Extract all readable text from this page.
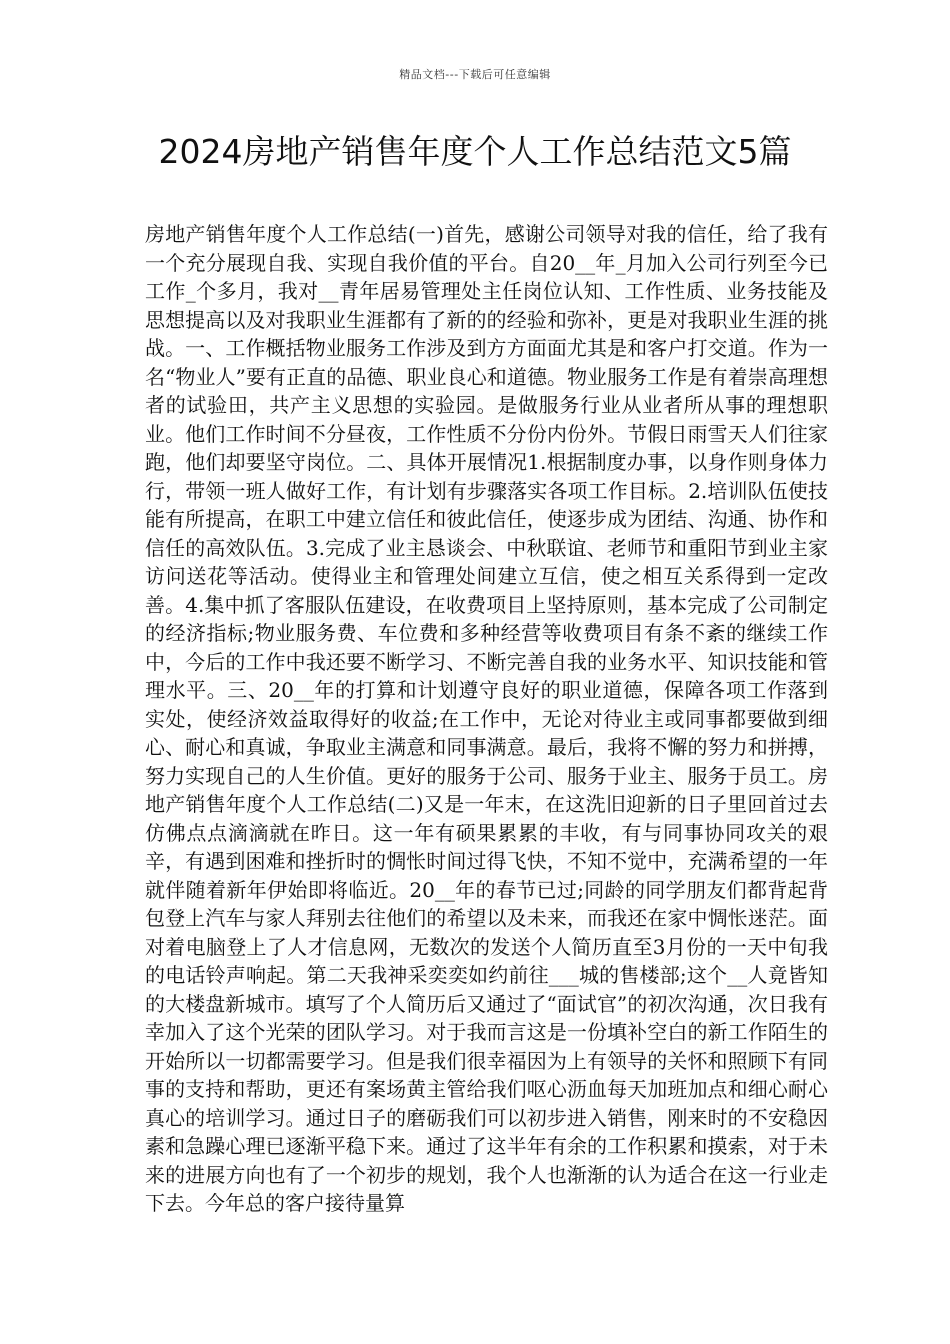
精品文档---下载后可任意编辑
2024房地产销售年度个人工作总结范文5篇

房地产销售年度个人工作总结(一)首先，感谢公司领导对我的信任，给了我有一个充分展现自我、实现自我价值的平台。自20__年_月加入公司行列至今已工作_个多月，我对__青年居易管理处主任岗位认知、工作性质、业务技能及思想提高以及对我职业生涯都有了新的的经验和弥补，更是对我职业生涯的挑战。一、工作概括物业服务工作涉及到方方面面尤其是和客户打交道。作为一名“物业人”要有正直的品德、职业良心和道德。物业服务工作是有着崇高理想者的试验田，共产主义思想的实验园。是做服务行业从业者所从事的理想职业。他们工作时间不分昼夜，工作性质不分份内份外。节假日雨雪天人们往家跑，他们却要坚守岗位。二、具体开展情况1.根据制度办事，以身作则身体力行，带领一班人做好工作，有计划有步骤落实各项工作目标。2.培训队伍使技能有所提高，在职工中建立信任和彼此信任，使逐步成为团结、沟通、协作和信任的高效队伍。3.完成了业主恳谈会、中秋联谊、老师节和重阳节到业主家访问送花等活动。使得业主和管理处间建立互信，使之相互关系得到一定改善。4.集中抓了客服队伍建设，在收费项目上坚持原则，基本完成了公司制定的经济指标;物业服务费、车位费和多种经营等收费项目有条不紊的继续工作中，今后的工作中我还要不断学习、不断完善自我的业务水平、知识技能和管理水平。三、20__年的打算和计划遵守良好的职业道德，保障各项工作落到实处，使经济效益取得好的收益;在工作中，无论对待业主或同事都要做到细心、耐心和真诚，争取业主满意和同事满意。最后，我将不懈的努力和拼搏，努力实现自己的人生价值。更好的服务于公司、服务于业主、服务于员工。房地产销售年度个人工作总结(二)又是一年末，在这洗旧迎新的日子里回首过去仿佛点点滴滴就在昨日。这一年有硕果累累的丰收，有与同事协同攻关的艰辛，有遇到困难和挫折时的惆怅时间过得飞快，不知不觉中，充满希望的一年就伴随着新年伊始即将临近。20__年的春节已过;同龄的同学朋友们都背起背包登上汽车与家人拜别去往他们的希望以及未来，而我还在家中惆怅迷茫。面对着电脑登上了人才信息网，无数次的发送个人简历直至3月份的一天中旬我的电话铃声响起。第二天我神采奕奕如约前往___城的售楼部;这个__人竟皆知的大楼盘新城市。填写了个人简历后又通过了“面试官”的初次沟通，次日我有幸加入了这个光荣的团队学习。对于我而言这是一份填补空白的新工作陌生的开始所以一切都需要学习。但是我们很幸福因为上有领导的关怀和照顾下有同事的支持和帮助，更还有案场黄主管给我们呕心沥血每天加班加点和细心耐心真心的培训学习。通过日子的磨砺我们可以初步进入销售，刚来时的不安稳因素和急躁心理已逐渐平稳下来。通过了这半年有余的工作积累和摸索，对于未来的进展方向也有了一个初步的规划，我个人也渐渐的认为适合在这一行业走下去。今年总的客户接待量算
